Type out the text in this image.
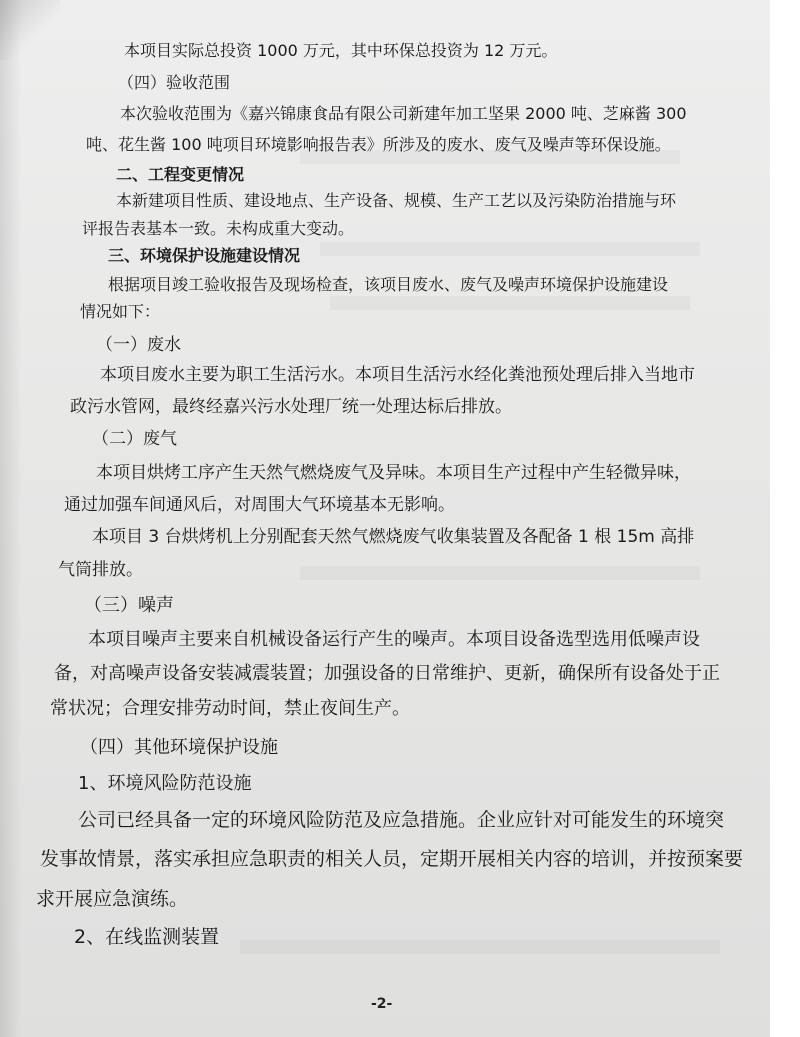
本项目实际总投资 1000 万元，其中环保总投资为 12 万元。
（四）验收范围
本次验收范围为《嘉兴锦康食品有限公司新建年加工坚果 2000 吨、芝麻酱 300
吨、花生酱 100 吨项目环境影响报告表》所涉及的废水、废气及噪声等环保设施。
二、工程变更情况
本新建项目性质、建设地点、生产设备、规模、生产工艺以及污染防治措施与环
评报告表基本一致。未构成重大变动。
三、环境保护设施建设情况
根据项目竣工验收报告及现场检查，该项目废水、废气及噪声环境保护设施建设
情况如下：
（一）废水
本项目废水主要为职工生活污水。本项目生活污水经化粪池预处理后排入当地市
政污水管网，最终经嘉兴污水处理厂统一处理达标后排放。
（二）废气
本项目烘烤工序产生天然气燃烧废气及异味。本项目生产过程中产生轻微异味，
通过加强车间通风后，对周围大气环境基本无影响。
本项目 3 台烘烤机上分别配套天然气燃烧废气收集装置及各配备 1 根 15m 高排
气筒排放。
（三）噪声
本项目噪声主要来自机械设备运行产生的噪声。本项目设备选型选用低噪声设
备，对高噪声设备安装减震装置；加强设备的日常维护、更新，确保所有设备处于正
常状况；合理安排劳动时间，禁止夜间生产。
（四）其他环境保护设施
1、环境风险防范设施
公司已经具备一定的环境风险防范及应急措施。企业应针对可能发生的环境突
发事故情景，落实承担应急职责的相关人员，定期开展相关内容的培训，并按预案要
求开展应急演练。
2、在线监测装置
-2-
